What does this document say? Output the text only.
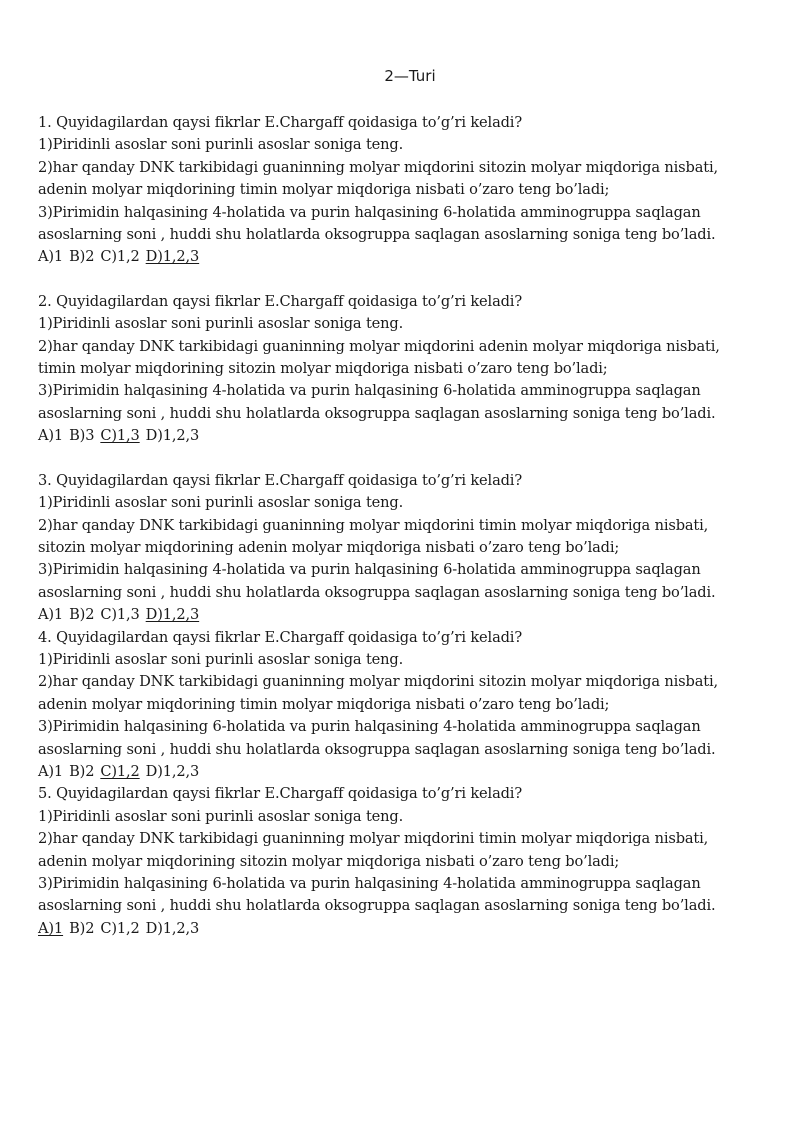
2—Turi
1. Quyidagilardan qaysi fikrlar E.Chargaff qoidasiga to’g’ri keladi?
1)Piridinli asoslar soni purinli asoslar soniga teng.
2)har qanday DNK tarkibidagi guaninning molyar miqdorini sitozin molyar miqdoriga nisbati,
adenin molyar miqdorining timin molyar miqdoriga nisbati o’zaro teng bo’ladi;
3)Pirimidin halqasining 4-holatida va purin halqasining 6-holatida amminogruppa saqlagan
asoslarning soni , huddi shu holatlarda oksogruppa saqlagan asoslarning soniga teng bo’ladi.
A)1 B)2 C)1,2 D)1,2,3
2. Quyidagilardan qaysi fikrlar E.Chargaff qoidasiga to’g’ri keladi?
1)Piridinli asoslar soni purinli asoslar soniga teng.
2)har qanday DNK tarkibidagi guaninning molyar miqdorini adenin molyar miqdoriga nisbati,
timin molyar miqdorining sitozin molyar miqdoriga nisbati o’zaro teng bo’ladi;
3)Pirimidin halqasining 4-holatida va purin halqasining 6-holatida amminogruppa saqlagan
asoslarning soni , huddi shu holatlarda oksogruppa saqlagan asoslarning soniga teng bo’ladi.
A)1 B)3 C)1,3 D)1,2,3
3. Quyidagilardan qaysi fikrlar E.Chargaff qoidasiga to’g’ri keladi?
1)Piridinli asoslar soni purinli asoslar soniga teng.
2)har qanday DNK tarkibidagi guaninning molyar miqdorini timin molyar miqdoriga nisbati,
sitozin molyar miqdorining adenin molyar miqdoriga nisbati o’zaro teng bo’ladi;
3)Pirimidin halqasining 4-holatida va purin halqasining 6-holatida amminogruppa saqlagan
asoslarning soni , huddi shu holatlarda oksogruppa saqlagan asoslarning soniga teng bo’ladi.
A)1 B)2 C)1,3 D)1,2,3
4. Quyidagilardan qaysi fikrlar E.Chargaff qoidasiga to’g’ri keladi?
1)Piridinli asoslar soni purinli asoslar soniga teng.
2)har qanday DNK tarkibidagi guaninning molyar miqdorini sitozin molyar miqdoriga nisbati,
adenin molyar miqdorining timin molyar miqdoriga nisbati o’zaro teng bo’ladi;
3)Pirimidin halqasining 6-holatida va purin halqasining 4-holatida amminogruppa saqlagan
asoslarning soni , huddi shu holatlarda oksogruppa saqlagan asoslarning soniga teng bo’ladi.
A)1 B)2 C)1,2 D)1,2,3
5. Quyidagilardan qaysi fikrlar E.Chargaff qoidasiga to’g’ri keladi?
1)Piridinli asoslar soni purinli asoslar soniga teng.
2)har qanday DNK tarkibidagi guaninning molyar miqdorini timin molyar miqdoriga nisbati,
adenin molyar miqdorining sitozin molyar miqdoriga nisbati o’zaro teng bo’ladi;
3)Pirimidin halqasining 6-holatida va purin halqasining 4-holatida amminogruppa saqlagan
asoslarning soni , huddi shu holatlarda oksogruppa saqlagan asoslarning soniga teng bo’ladi.
A)1 B)2 C)1,2 D)1,2,3
